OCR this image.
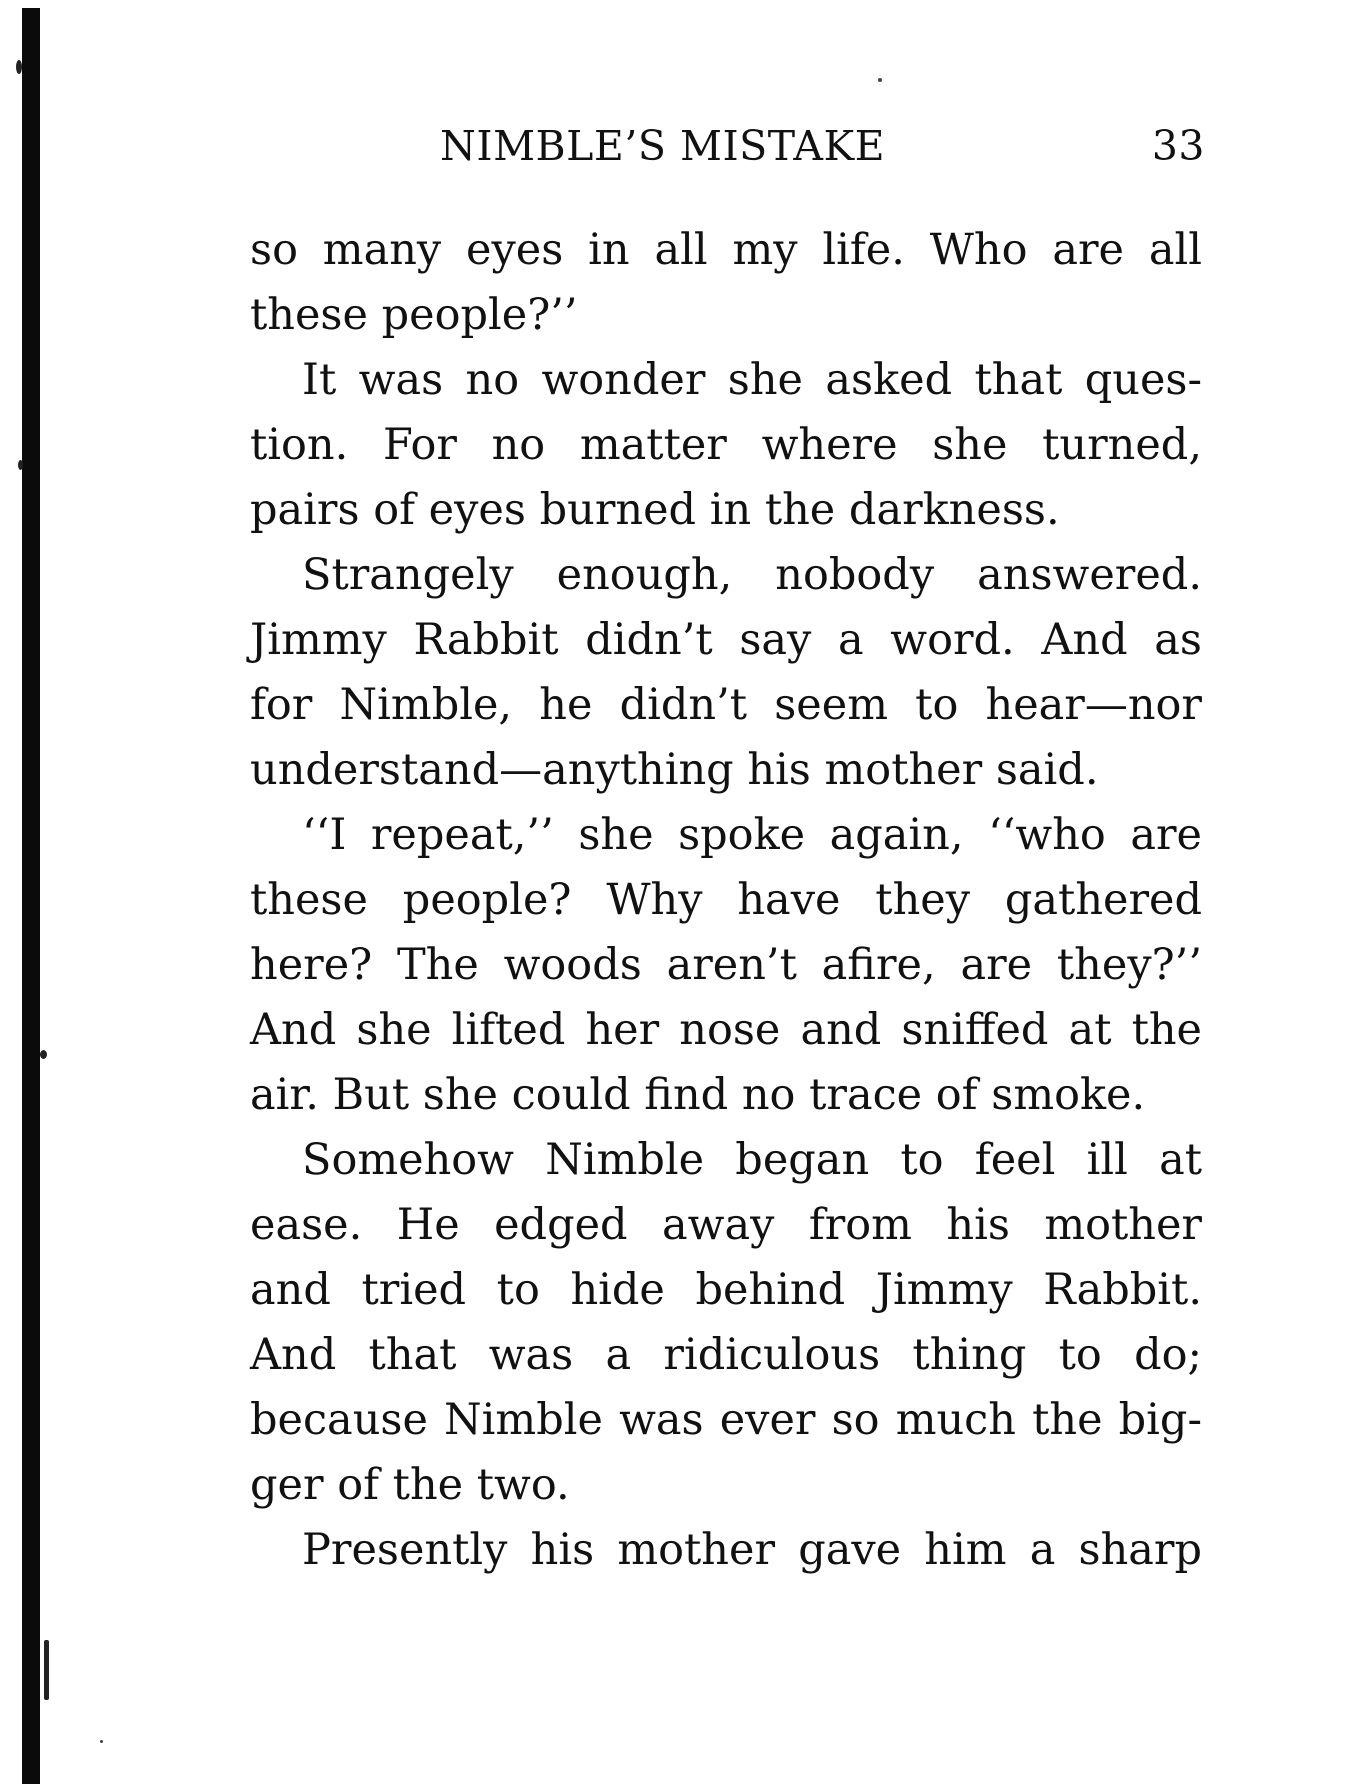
NIMBLE’S MISTAKE	33
so many eyes in all my life. Who are all
these people?’’
It was no wonder she asked that ques-
tion. For no matter where she turned,
pairs of eyes burned in the darkness.
Strangely enough, nobody answered.
Jimmy Rabbit didn’t say a word. And as
for Nimble, he didn’t seem to hear—nor
understand—anything his mother said.
‘‘I repeat,’’ she spoke again, ‘‘who are
these people? Why have they gathered
here? The woods aren’t afire, are they?’’
And she lifted her nose and sniffed at the
air. But she could find no trace of smoke.
Somehow Nimble began to feel ill at
ease. He edged away from his mother
and tried to hide behind Jimmy Rabbit.
And that was a ridiculous thing to do;
because Nimble was ever so much the big-
ger of the two.
Presently his mother gave him a sharp
